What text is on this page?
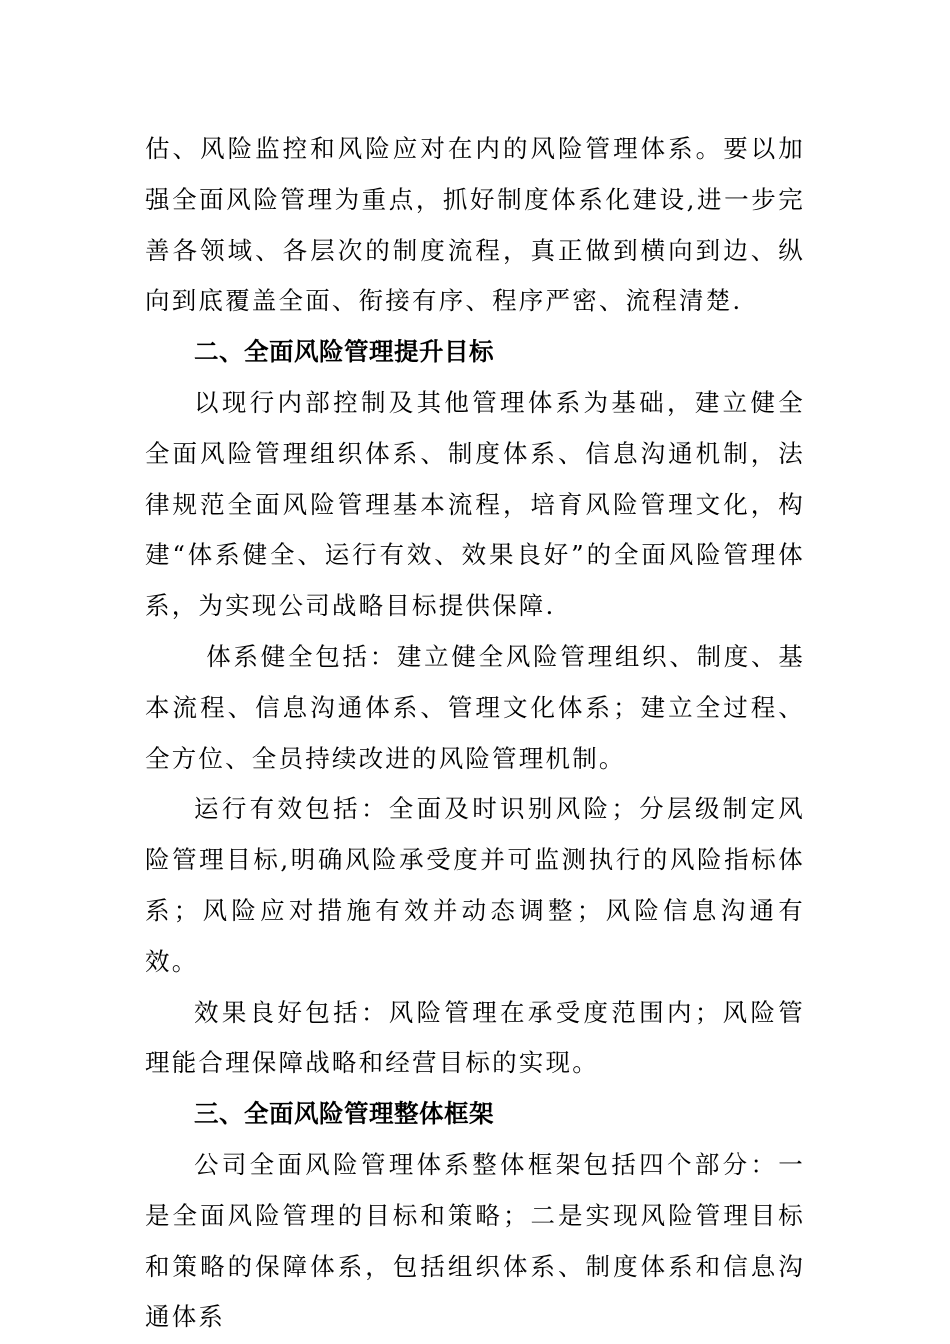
估、风险监控和风险应对在内的风险管理体系。要以加强全面风险管理为重点，抓好制度体系化建设,进一步完善各领域、各层次的制度流程，真正做到横向到边、纵向到底覆盖全面、衔接有序、程序严密、流程清楚.

二、全面风险管理提升目标

以现行内部控制及其他管理体系为基础，建立健全全面风险管理组织体系、制度体系、信息沟通机制，法律规范全面风险管理基本流程，培育风险管理文化，构建“体系健全、运行有效、效果良好”的全面风险管理体系，为实现公司战略目标提供保障.

体系健全包括：建立健全风险管理组织、制度、基本流程、信息沟通体系、管理文化体系；建立全过程、全方位、全员持续改进的风险管理机制。

运行有效包括：全面及时识别风险；分层级制定风险管理目标,明确风险承受度并可监测执行的风险指标体系；风险应对措施有效并动态调整；风险信息沟通有效。

效果良好包括：风险管理在承受度范围内；风险管理能合理保障战略和经营目标的实现。

三、全面风险管理整体框架

公司全面风险管理体系整体框架包括四个部分：一是全面风险管理的目标和策略；二是实现风险管理目标和策略的保障体系，包括组织体系、制度体系和信息沟通体系
